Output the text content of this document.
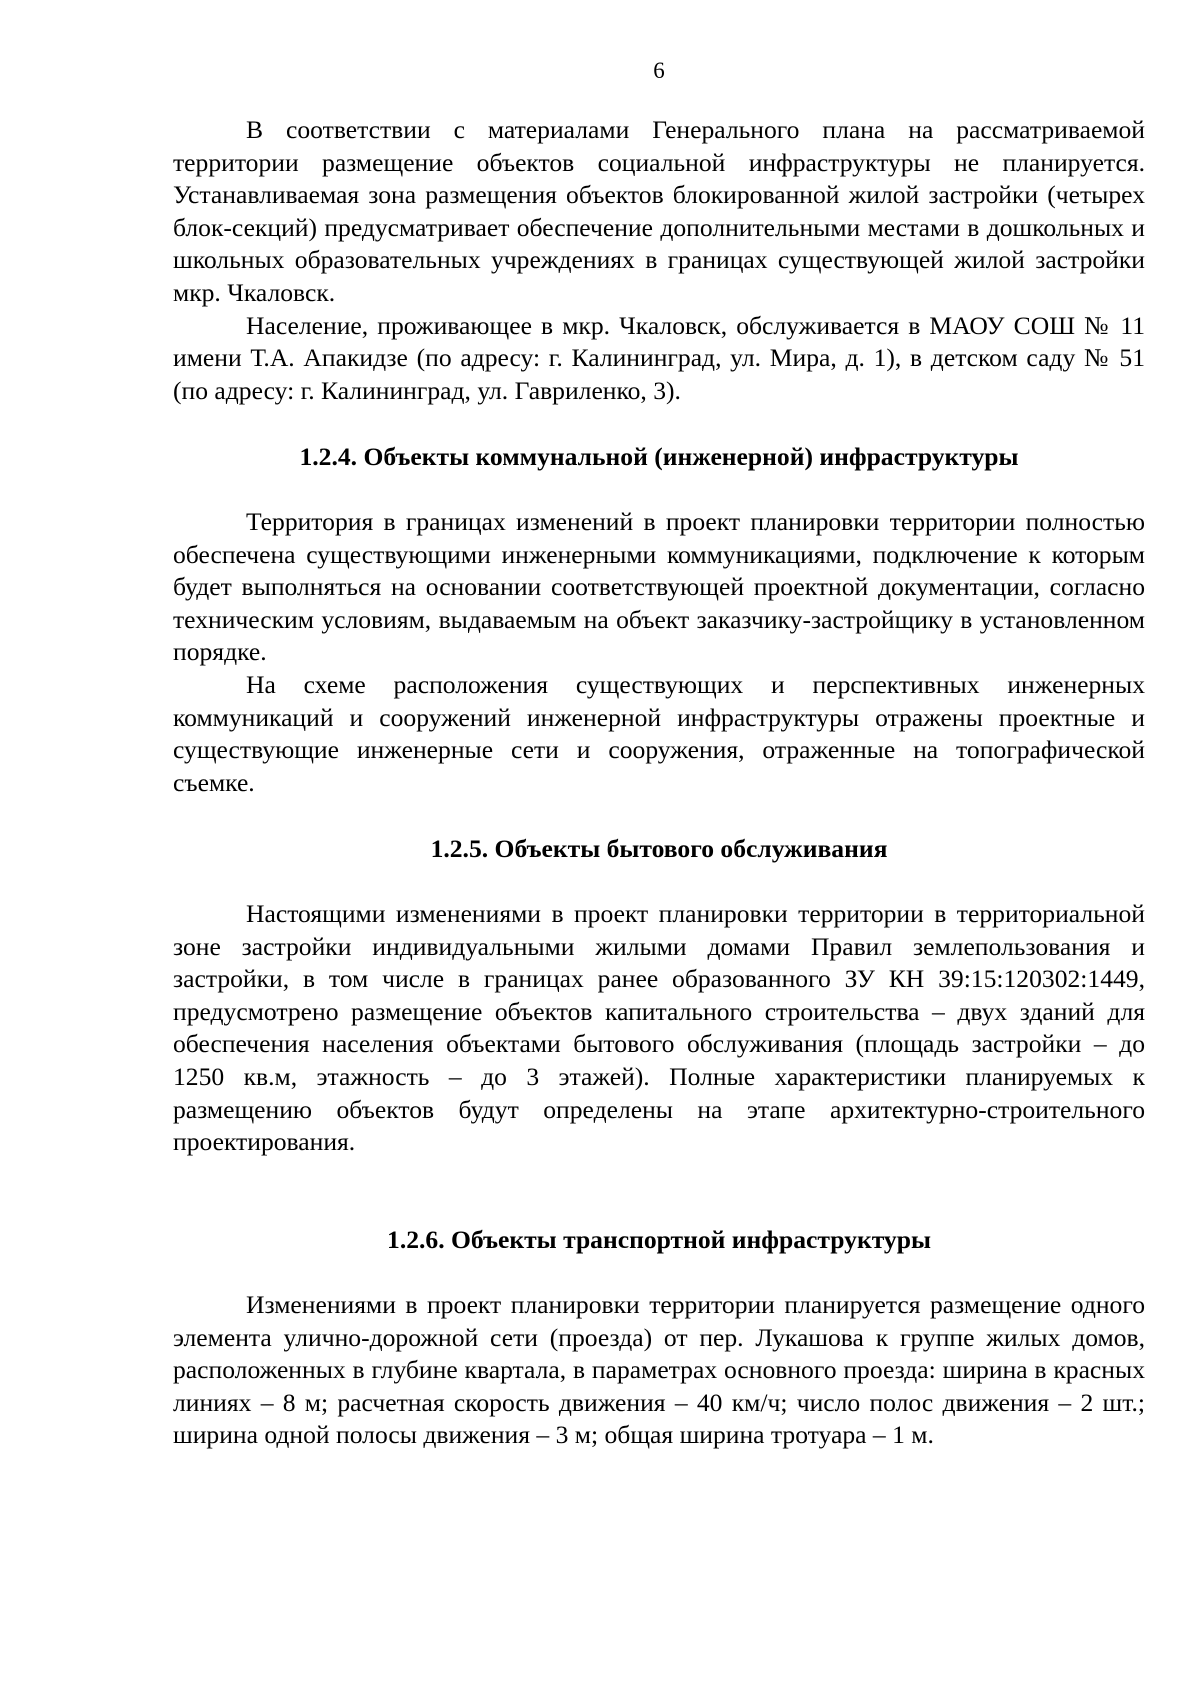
6

В соответствии с материалами Генерального плана на рассматриваемой территории размещение объектов социальной инфраструктуры не планируется. Устанавливаемая зона размещения объектов блокированной жилой застройки (четырех блок-секций) предусматривает обеспечение дополнительными местами в дошкольных и школьных образовательных учреждениях в границах существующей жилой застройки мкр. Чкаловск.

Население, проживающее в мкр. Чкаловск, обслуживается в МАОУ СОШ № 11 имени Т.А. Апакидзе (по адресу: г. Калининград, ул. Мира, д. 1), в детском саду № 51 (по адресу: г. Калининград, ул. Гавриленко, 3).

1.2.4. Объекты коммунальной (инженерной) инфраструктуры

Территория в границах изменений в проект планировки территории полностью обеспечена существующими инженерными коммуникациями, подключение к которым будет выполняться на основании соответствующей проектной документации, согласно техническим условиям, выдаваемым на объект заказчику-застройщику в установленном порядке.

На схеме расположения существующих и перспективных инженерных коммуникаций и сооружений инженерной инфраструктуры отражены проектные и существующие инженерные сети и сооружения, отраженные на топографической съемке.

1.2.5. Объекты бытового обслуживания

Настоящими изменениями в проект планировки территории в территориальной зоне застройки индивидуальными жилыми домами Правил землепользования и застройки, в том числе в границах ранее образованного ЗУ КН 39:15:120302:1449, предусмотрено размещение объектов капитального строительства – двух зданий для обеспечения населения объектами бытового обслуживания (площадь застройки – до 1250 кв.м, этажность – до 3 этажей). Полные характеристики планируемых к размещению объектов будут определены на этапе архитектурно-строительного проектирования.

1.2.6. Объекты транспортной инфраструктуры

Изменениями в проект планировки территории планируется размещение одного элемента улично-дорожной сети (проезда) от пер. Лукашова к группе жилых домов, расположенных в глубине квартала, в параметрах основного проезда: ширина в красных линиях – 8 м; расчетная скорость движения – 40 км/ч; число полос движения – 2 шт.; ширина одной полосы движения – 3 м; общая ширина тротуара – 1 м.
